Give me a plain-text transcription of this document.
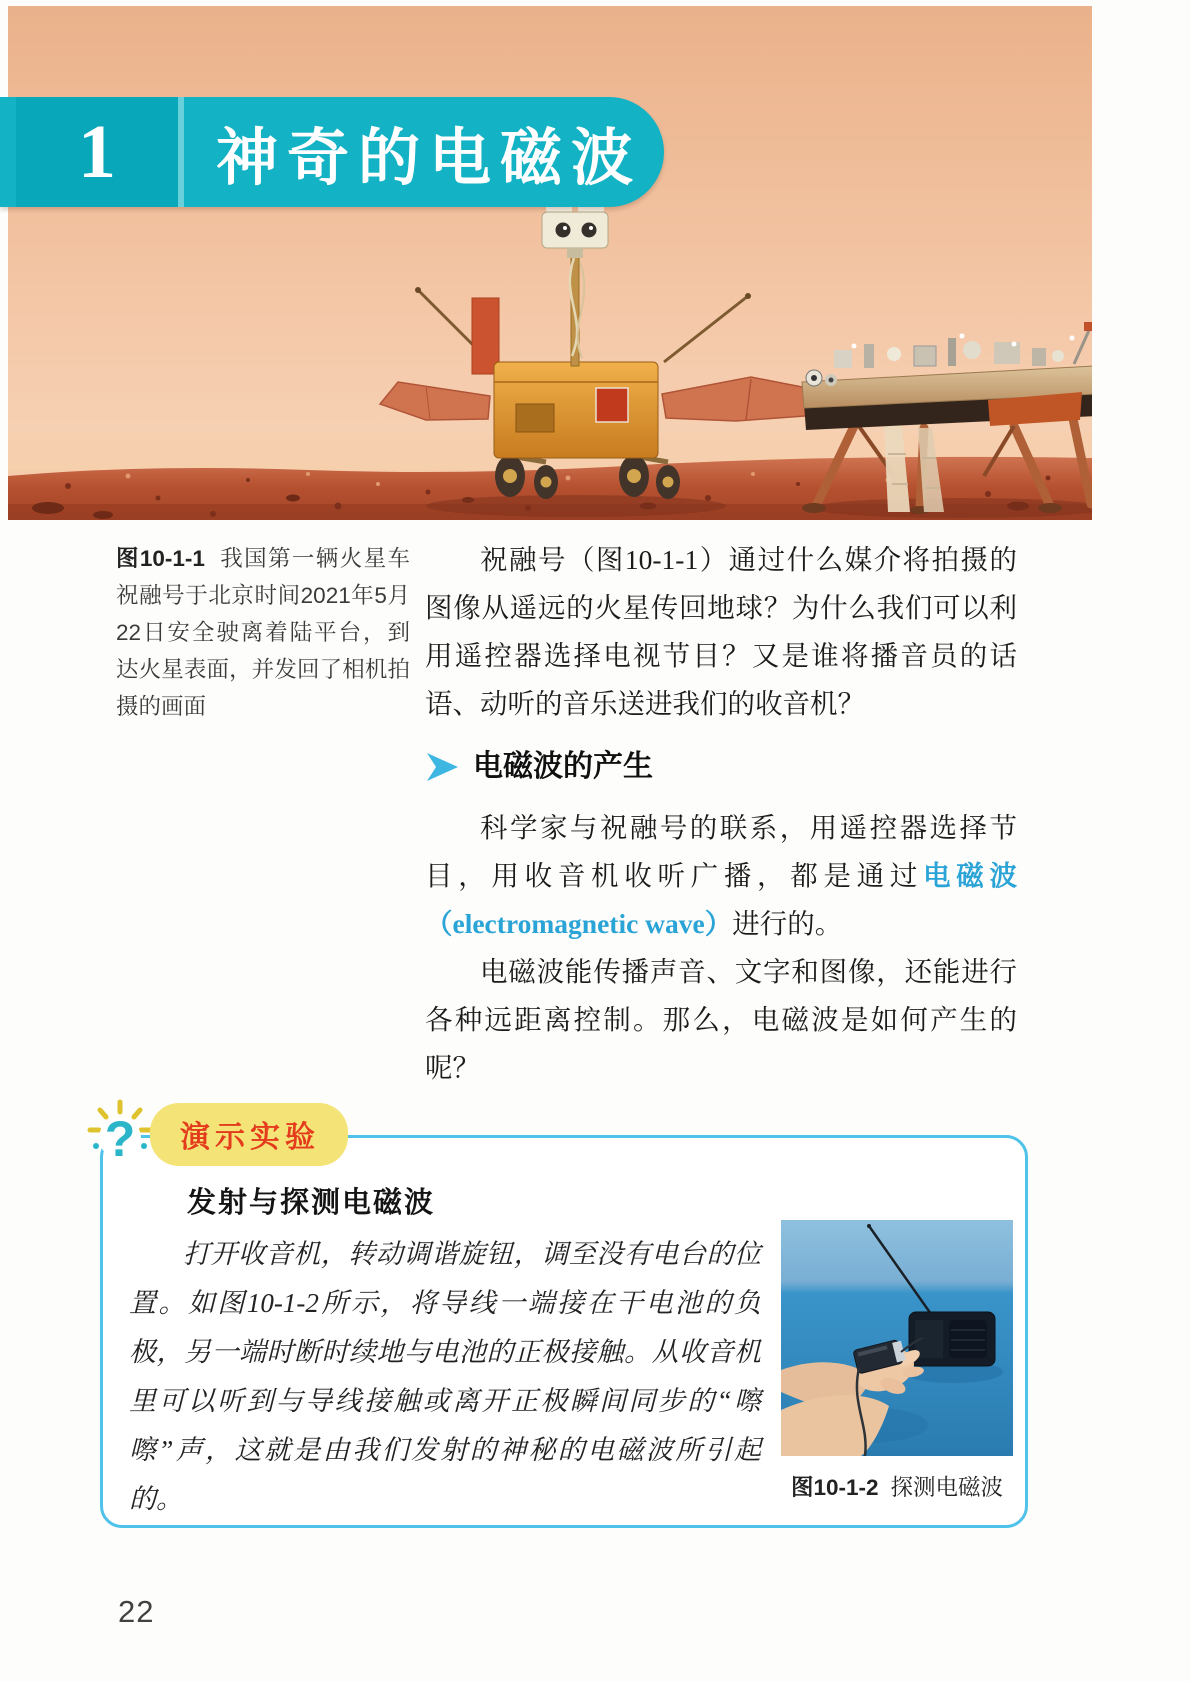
1	神奇的电磁波
图10-1-1 我国第一辆火星车祝融号于北京时间2021年5月22日安全驶离着陆平台，到达火星表面，并发回了相机拍摄的画面

祝融号（图10-1-1）通过什么媒介将拍摄的图像从遥远的火星传回地球？为什么我们可以利用遥控器选择电视节目？又是谁将播音员的话语、动听的音乐送进我们的收音机？

电磁波的产生

科学家与祝融号的联系，用遥控器选择节目，用收音机收听广播，都是通过电磁波（electromagnetic wave）进行的。

电磁波能传播声音、文字和图像，还能进行各种远距离控制。那么，电磁波是如何产生的呢？

发射与探测电磁波
打开收音机，转动调谐旋钮，调至没有电台的位置。如图10-1-2所示，将导线一端接在干电池的负极，另一端时断时续地与电池的正极接触。从收音机里可以听到与导线接触或离开正极瞬间同步的“嚓嚓”声，这就是由我们发射的神秘的电磁波所引起的。	图10-1-2 探测电磁波
?	演示实验
22
